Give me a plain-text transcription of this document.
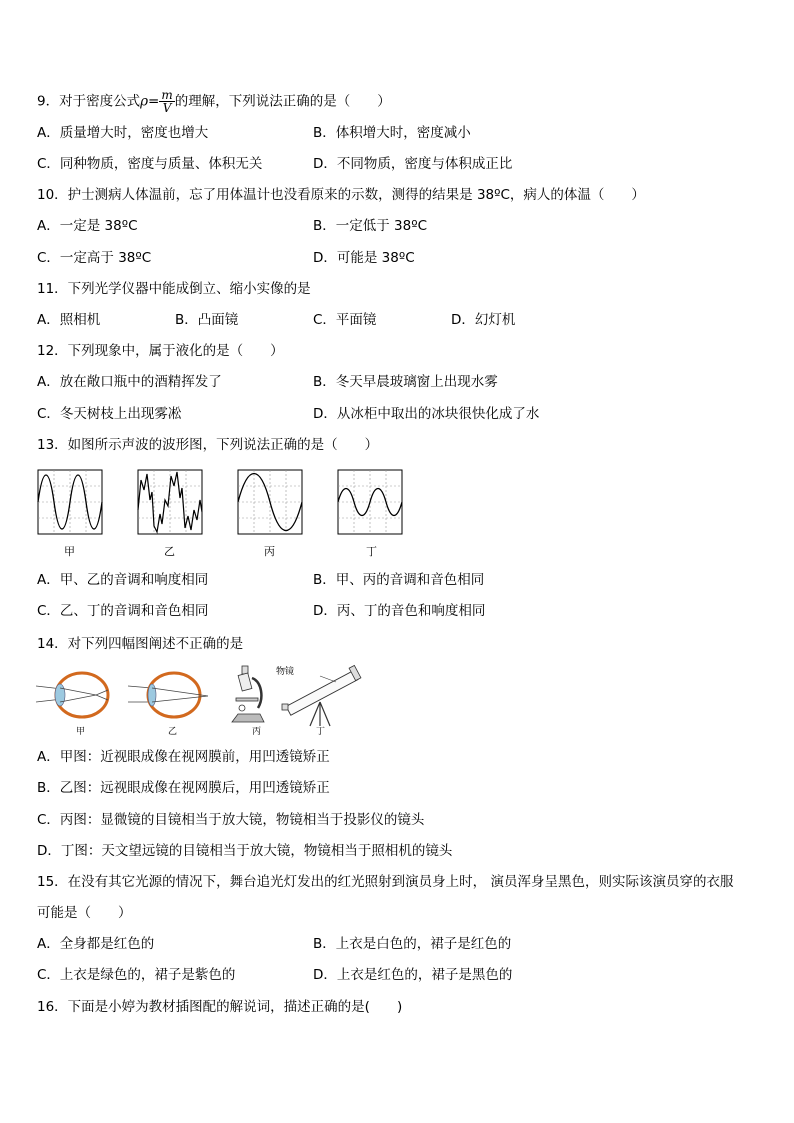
9．对于密度公式$\rho= \frac{m}{V}$ 的理解，下列说法正确的是（　　）
A．质量增大时，密度也增大	B．体积增大时，密度减小
C．同种物质，密度与质量、体积无关	D．不同物质，密度与体积成正比
10．护士测病人体温前，忘了用体温计也没看原来的示数，测得的结果是 38ºC，病人的体温（　　）
A．一定是 38ºC	B．一定低于 38ºC
C．一定高于 38ºC	D．可能是 38ºC
11．下列光学仪器中能成倒立、缩小实像的是
A．照相机	B．凸面镜	C．平面镜	D．幻灯机
12．下列现象中，属于液化的是（　　）
A．放在敞口瓶中的酒精挥发了	B．冬天早晨玻璃窗上出现水雾
C．冬天树枝上出现雾凇	D．从冰柜中取出的冰块很快化成了水
13．如图所示声波的波形图，下列说法正确的是（　　）
甲	乙	丙	丁
A．甲、乙的音调和响度相同	B．甲、丙的音调和音色相同
C．乙、丁的音调和音色相同	D．丙、丁的音色和响度相同
14．对下列四幅图阐述不正确的是
物镜
甲	乙	丙	丁
A．甲图：近视眼成像在视网膜前，用凹透镜矫正
B．乙图：远视眼成像在视网膜后，用凹透镜矫正
C．丙图：显微镜的目镜相当于放大镜，物镜相当于投影仪的镜头
D．丁图：天文望远镜的目镜相当于放大镜，物镜相当于照相机的镜头
15．在没有其它光源的情况下，舞台追光灯发出的红光照射到演员身上时， 演员浑身呈黑色，则实际该演员穿的衣服
可能是（　　）
A．全身都是红色的	B．上衣是白色的，裙子是红色的
C．上衣是绿色的，裙子是紫色的	D．上衣是红色的，裙子是黑色的
16．下面是小婷为教材插图配的解说词，描述正确的是(　　)
